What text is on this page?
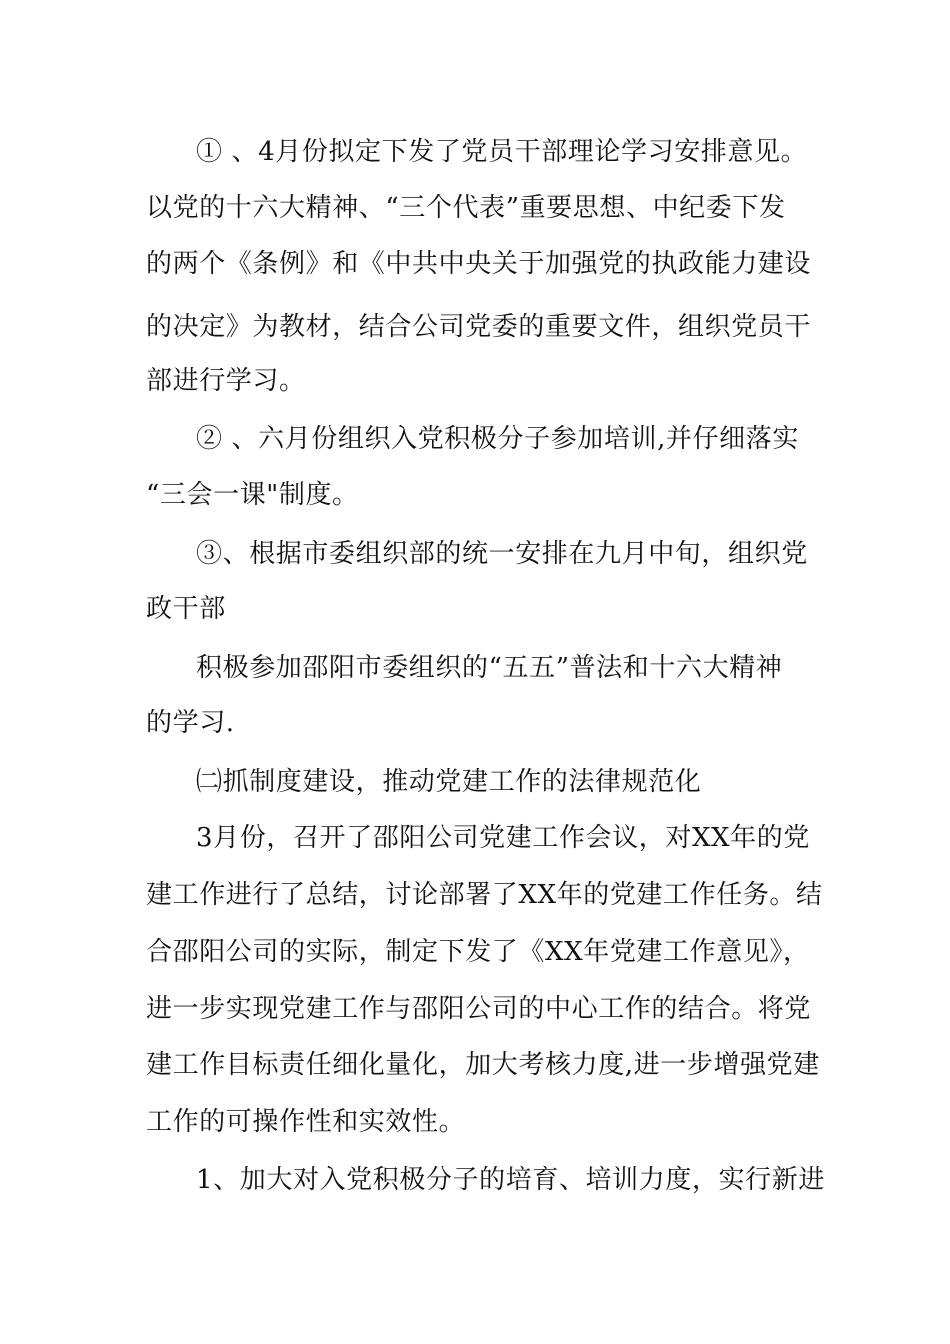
① 、4月份拟定下发了党员干部理论学习安排意见。
以党的十六大精神、“三个代表”重要思想、中纪委下发
的两个《条例》和《中共中央关于加强党的执政能力建设
的决定》为教材，结合公司党委的重要文件，组织党员干
部进行学习。
② 、六月份组织入党积极分子参加培训,并仔细落实
“三会一课"制度。
③、根据市委组织部的统一安排在九月中旬，组织党
政干部
积极参加邵阳市委组织的“五五”普法和十六大精神
的学习.
㈡抓制度建设，推动党建工作的法律规范化
3月份，召开了邵阳公司党建工作会议，对XX年的党
建工作进行了总结，讨论部署了XX年的党建工作任务。结
合邵阳公司的实际，制定下发了《XX年党建工作意见》，
进一步实现党建工作与邵阳公司的中心工作的结合。将党
建工作目标责任细化量化，加大考核力度,进一步增强党建
工作的可操作性和实效性。
1、加大对入党积极分子的培育、培训力度，实行新进
